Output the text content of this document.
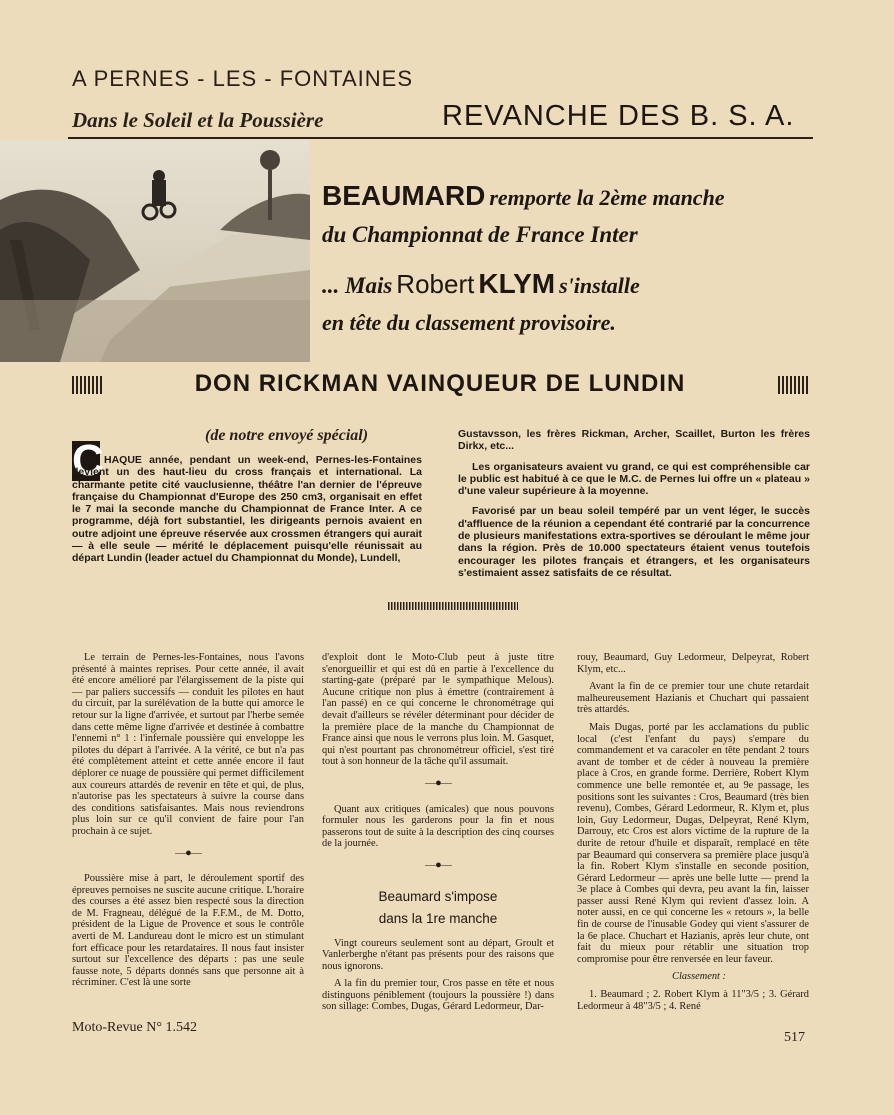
A PERNES - LES - FONTAINES
Dans le Soleil et la Poussière	REVANCHE DES B. S. A.
BEAUMARD remporte la 2ème manche
du Championnat de France Inter
... Mais Robert KLYM s'installe
en tête du classement provisoire.
DON RICKMAN VAINQUEUR DE LUNDIN
(de notre envoyé spécial)
C HAQUE année, pendant un week-end, Pernes-les-Fontaines devient un des haut-lieu du cross français et international. La charmante petite cité vauclusienne, théâtre l'an dernier de l'épreuve française du Championnat d'Europe des 250 cm3, organisait en effet le 7 mai la seconde manche du Championnat de France Inter. A ce programme, déjà fort substantiel, les dirigeants pernois avaient en outre adjoint une épreuve réservée aux crossmen étrangers qui aurait — à elle seule — mérité le déplacement puisqu'elle réunissait au départ Lundin (leader actuel du Championnat du Monde), Lundell,

Gustavsson, les frères Rickman, Archer, Scaillet, Burton les frères Dirkx, etc...

Les organisateurs avaient vu grand, ce qui est compréhensible car le public est habitué à ce que le M.C. de Pernes lui offre un « plateau » d'une valeur supérieure à la moyenne.

Favorisé par un beau soleil tempéré par un vent léger, le succès d'affluence de la réunion a cependant été contrarié par la concurrence de plusieurs manifestations extra-sportives se déroulant le même jour dans la région. Près de 10.000 spectateurs étaient venus toutefois encourager les pilotes français et étrangers, et les organisateurs s'estimaient assez satisfaits de ce résultat.

Le terrain de Pernes-les-Fontaines, nous l'avons présenté à maintes reprises. Pour cette année, il avait été encore amélioré par l'élargissement de la piste qui — par paliers successifs — conduit les pilotes en haut du circuit, par la surélévation de la butte qui amorce le retour sur la ligne d'arrivée, et surtout par l'herbe semée dans cette même ligne d'arrivée et destinée à combattre l'ennemi n° 1 : l'infernale poussière qui enveloppe les pilotes du départ à l'arrivée. A la vérité, ce but n'a pas été complètement atteint et cette année encore il faut déplorer ce nuage de poussière qui permet difficilement aux coureurs attardés de revenir en tête et qui, de plus, n'autorise pas les spectateurs à suivre la course dans des conditions satisfaisantes. Mais nous reviendrons plus loin sur ce qu'il convient de faire pour l'an prochain à ce sujet.

—●—

Poussière mise à part, le déroulement sportif des épreuves pernoises ne suscite aucune critique. L'horaire des courses a été assez bien respecté sous la direction de M. Fragneau, délégué de la F.F.M., de M. Dotto, président de la Ligue de Provence et sous le contrôle averti de M. Landureau dont le micro est un stimulant fort efficace pour les retardataires. Il nous faut insister surtout sur l'excellence des départs : pas une seule fausse note, 5 départs donnés sans que personne ait à récriminer. C'est là une sorte

d'exploit dont le Moto-Club peut à juste titre s'enorgueillir et qui est dû en partie à l'excellence du starting-gate (préparé par le sympathique Melous). Aucune critique non plus à émettre (contrairement à l'an passé) en ce qui concerne le chronométrage qui devait d'ailleurs se révéler déterminant pour décider de la première place de la manche du Championnat de France ainsi que nous le verrons plus loin. M. Gasquet, qui n'est pourtant pas chronométreur officiel, s'est tiré tout à son honneur de la tâche qu'il assumait.

—●—

Quant aux critiques (amicales) que nous pouvons formuler nous les garderons pour la fin et nous passerons tout de suite à la description des cinq courses de la journée.

—●—
Beaumard s'impose
dans la 1re manche

Vingt coureurs seulement sont au départ, Groult et Vanlerberghe n'étant pas présents pour des raisons que nous ignorons.

A la fin du premier tour, Cros passe en tête et nous distinguons péniblement (toujours la poussière !) dans son sillage: Combes, Dugas, Gérard Ledormeur, Dar-

rouy, Beaumard, Guy Ledormeur, Delpeyrat, Robert Klym, etc...

Avant la fin de ce premier tour une chute retardait malheureusement Hazianis et Chuchart qui passaient très attardés.

Mais Dugas, porté par les acclamations du public local (c'est l'enfant du pays) s'empare du commandement et va caracoler en tête pendant 2 tours avant de tomber et de céder à nouveau la première place à Cros, en grande forme. Derrière, Robert Klym commence une belle remontée et, au 9e passage, les positions sont les suivantes : Cros, Beaumard (très bien revenu), Combes, Gérard Ledormeur, R. Klym et, plus loin, Guy Ledormeur, Dugas, Delpeyrat, René Klym, Darrouy, etc Cros est alors victime de la rupture de la durite de retour d'huile et disparaît, remplacé en tête par Beaumard qui conservera sa première place jusqu'à la fin. Robert Klym s'installe en seconde position, Gérard Ledormeur — après une belle lutte — prend la 3e place à Combes qui devra, peu avant la fin, laisser passer aussi René Klym qui revient d'assez loin. A noter aussi, en ce qui concerne les « retours », la belle fin de course de l'inusable Godey qui vient s'assurer de la 6e place. Chuchart et Hazianis, après leur chute, ont fait du mieux pour rétablir une situation trop compromise pour être renversée en leur faveur.

Classement :

1. Beaumard ; 2. Robert Klym à 11"3/5 ; 3. Gérard Ledormeur à 48"3/5 ; 4. René

Moto-Revue N° 1.542
517
